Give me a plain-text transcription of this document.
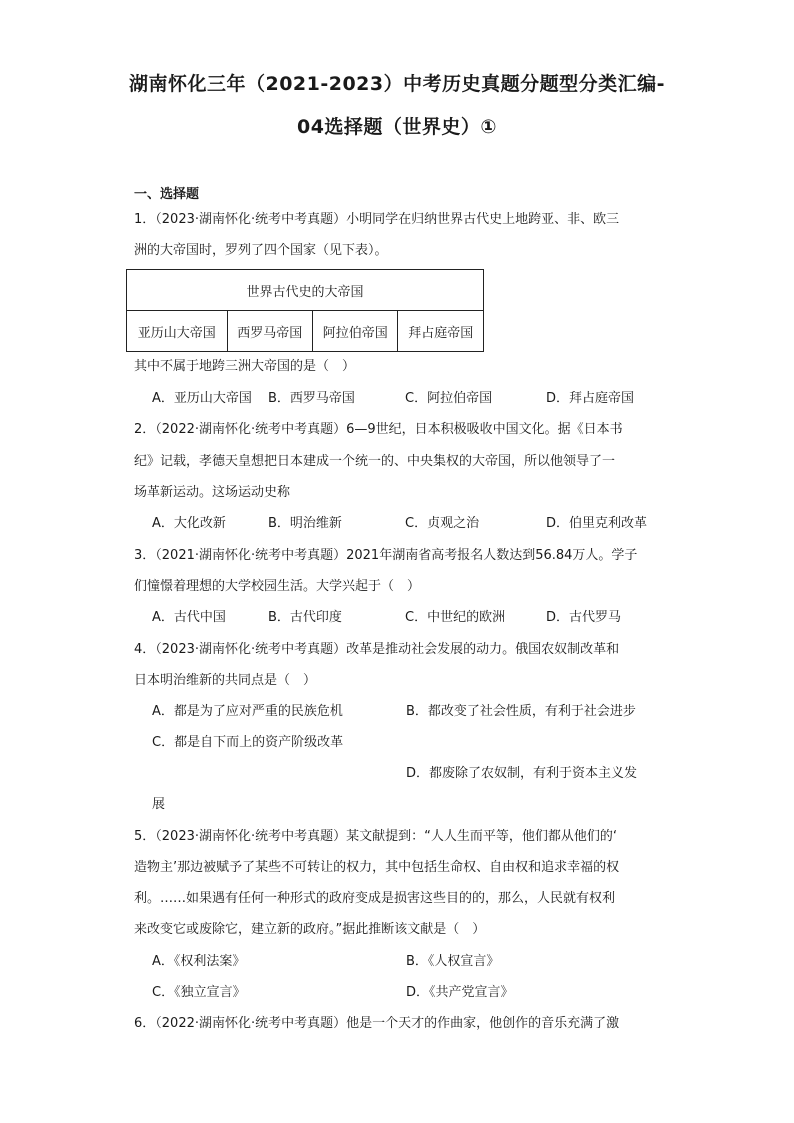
湖南怀化三年（2021-2023）中考历史真题分题型分类汇编-
04选择题（世界史）①
一、选择题
1．（2023·湖南怀化·统考中考真题）小明同学在归纳世界古代史上地跨亚、非、欧三
洲的大帝国时，罗列了四个国家（见下表）。
世界古代史的大帝国
亚历山大帝国	西罗马帝国	阿拉伯帝国	拜占庭帝国
其中不属于地跨三洲大帝国的是（　）
A．亚历山大帝国 B．西罗马帝国	C．阿拉伯帝国	D．拜占庭帝国
2．（2022·湖南怀化·统考中考真题）6—9世纪，日本积极吸收中国文化。据《日本书
纪》记载，孝德天皇想把日本建成一个统一的、中央集权的大帝国，所以他领导了一
场革新运动。这场运动史称
A．大化改新	B．明治维新	C．贞观之治	D．伯里克利改革
3．（2021·湖南怀化·统考中考真题）2021年湖南省高考报名人数达到56.84万人。学子
们憧憬着理想的大学校园生活。大学兴起于（　）
A．古代中国	B．古代印度	C．中世纪的欧洲	D．古代罗马
4．（2023·湖南怀化·统考中考真题）改革是推动社会发展的动力。俄国农奴制改革和
日本明治维新的共同点是（　）
A．都是为了应对严重的民族危机	B．都改变了社会性质，有利于社会进步
C．都是自下而上的资产阶级改革
D．都废除了农奴制，有利于资本主义发
展
5．（2023·湖南怀化·统考中考真题）某文献提到：“人人生而平等，他们都从他们的‘
造物主’那边被赋予了某些不可转让的权力，其中包括生命权、自由权和追求幸福的权
利。……如果遇有任何一种形式的政府变成是损害这些目的的，那么，人民就有权利
来改变它或废除它，建立新的政府。”据此推断该文献是（　）
A．《权利法案》	B．《人权宣言》
C．《独立宣言》	D．《共产党宣言》
6．（2022·湖南怀化·统考中考真题）他是一个天才的作曲家，他创作的音乐充满了激
